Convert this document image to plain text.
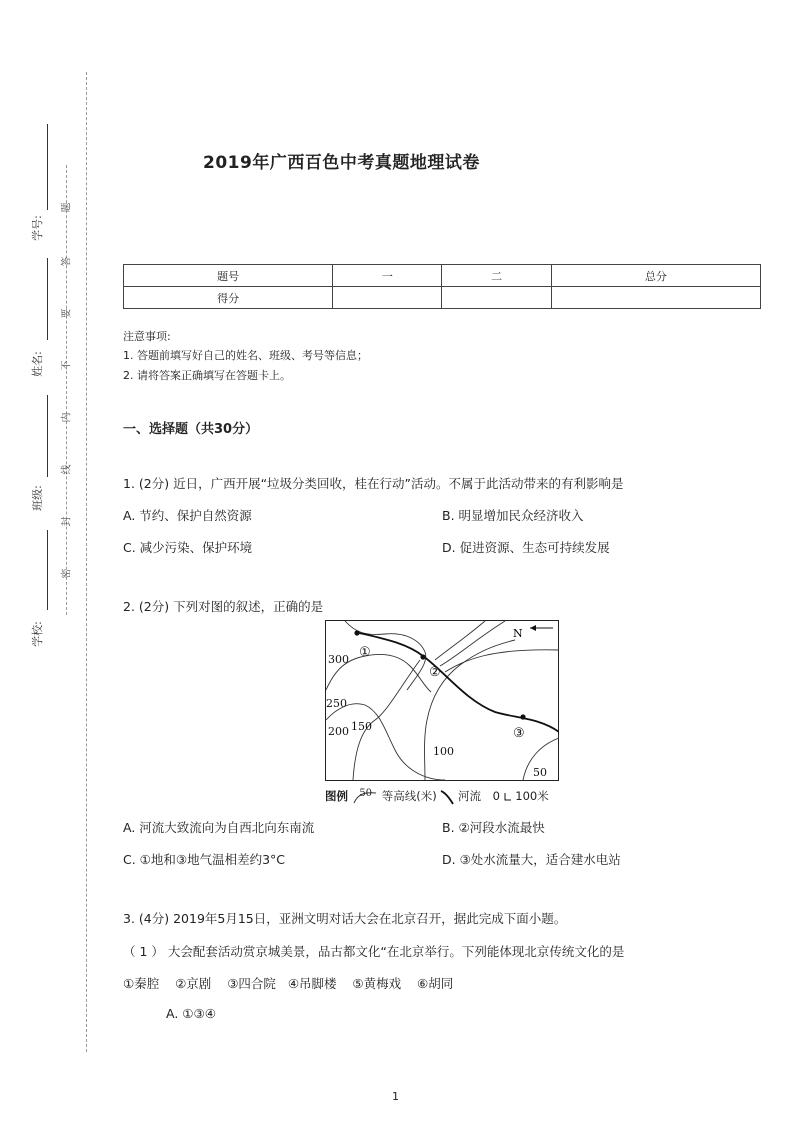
学号:
姓名:
班级:
学校:
题
答
要
不
内
线
封
密
2019年广西百色中考真题地理试卷
题号	一	二	总分
得分			
注意事项:
1. 答题前填写好自己的姓名、班级、考号等信息；
2. 请将答案正确填写在答题卡上。
一、选择题（共30分）
1. (2分) 近日，广西开展“垃圾分类回收，桂在行动”活动。不属于此活动带来的有利影响是
A. 节约、保护自然资源	B. 明显增加民众经济收入
C. 减少污染、保护环境	D. 促进资源、生态可持续发展
2. (2分) 下列对图的叙述，正确的是
N
300
250
200 150
100
50
①
②
③
图例 50 等高线(米) 河流 0 100米
A. 河流大致流向为自西北向东南流	B. ②河段水流最快
C. ①地和③地气温相差约3°C	D. ③处水流量大，适合建水电站
3. (4分) 2019年5月15日，亚洲文明对话大会在北京召开，据此完成下面小题。
（ 1 ） 大会配套活动赏京城美景，品古都文化“在北京举行。下列能体现北京传统文化的是
①秦腔    ②京剧    ③四合院   ④吊脚楼    ⑤黄梅戏    ⑥胡同
A. ①③④
1
